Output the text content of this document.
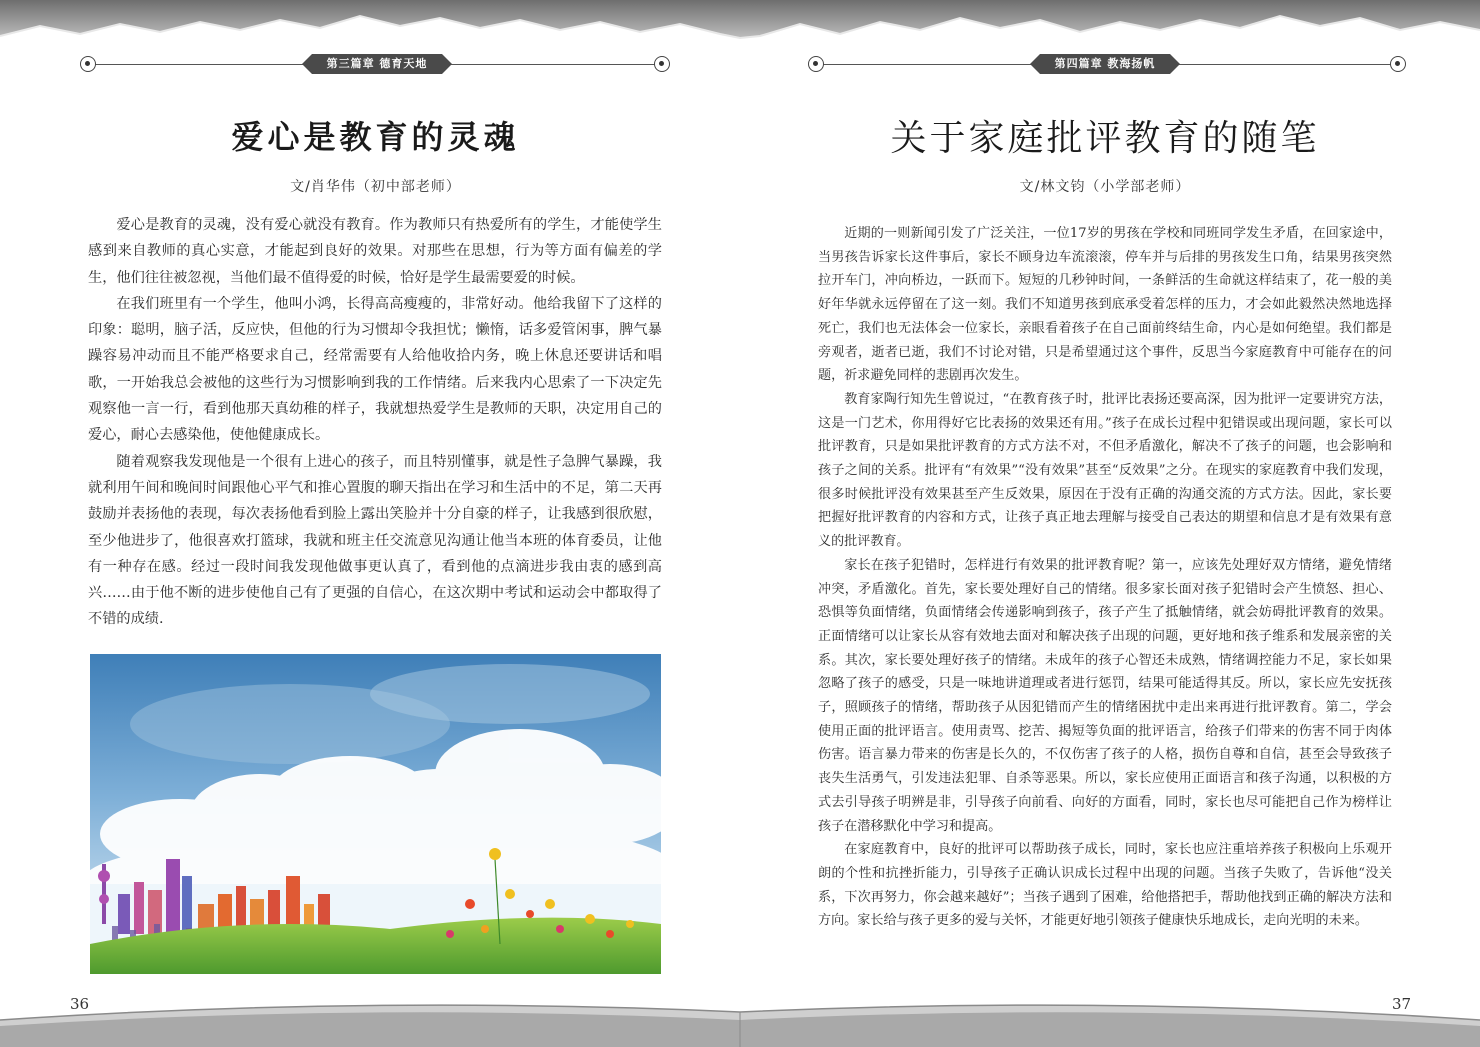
第三篇章 德育天地
爱心是教育的灵魂
文/肖华伟（初中部老师）

爱心是教育的灵魂，没有爱心就没有教育。作为教师只有热爱所有的学生，才能使学生感到来自教师的真心实意，才能起到良好的效果。对那些在思想，行为等方面有偏差的学生，他们往往被忽视，当他们最不值得爱的时候，恰好是学生最需要爱的时候。

在我们班里有一个学生，他叫小鸿，长得高高瘦瘦的，非常好动。他给我留下了这样的印象：聪明，脑子活，反应快，但他的行为习惯却令我担忧；懒惰，话多爱管闲事，脾气暴躁容易冲动而且不能严格要求自己，经常需要有人给他收拾内务，晚上休息还要讲话和唱歌，一开始我总会被他的这些行为习惯影响到我的工作情绪。后来我内心思索了一下决定先观察他一言一行，看到他那天真幼稚的样子，我就想热爱学生是教师的天职，决定用自己的爱心，耐心去感染他，使他健康成长。

随着观察我发现他是一个很有上进心的孩子，而且特别懂事，就是性子急脾气暴躁，我就利用午间和晚间时间跟他心平气和推心置腹的聊天指出在学习和生活中的不足，第二天再鼓励并表扬他的表现，每次表扬他看到脸上露出笑脸并十分自豪的样子，让我感到很欣慰，至少他进步了，他很喜欢打篮球，我就和班主任交流意见沟通让他当本班的体育委员，让他有一种存在感。经过一段时间我发现他做事更认真了，看到他的点滴进步我由衷的感到高兴……由于他不断的进步使他自己有了更强的自信心，在这次期中考试和运动会中都取得了不错的成绩.

36
第四篇章 教海扬帆
关于家庭批评教育的随笔
文/林文钧（小学部老师）

近期的一则新闻引发了广泛关注，一位17岁的男孩在学校和同班同学发生矛盾，在回家途中，当男孩告诉家长这件事后，家长不顾身边车流滚滚，停车并与后排的男孩发生口角，结果男孩突然拉开车门，冲向桥边，一跃而下。短短的几秒钟时间，一条鲜活的生命就这样结束了，花一般的美好年华就永远停留在了这一刻。我们不知道男孩到底承受着怎样的压力，才会如此毅然决然地选择死亡，我们也无法体会一位家长，亲眼看着孩子在自己面前终结生命，内心是如何绝望。我们都是旁观者，逝者已逝，我们不讨论对错，只是希望通过这个事件，反思当今家庭教育中可能存在的问题，祈求避免同样的悲剧再次发生。

教育家陶行知先生曾说过，“在教育孩子时，批评比表扬还要高深，因为批评一定要讲究方法，这是一门艺术，你用得好它比表扬的效果还有用。”孩子在成长过程中犯错误或出现问题，家长可以批评教育，只是如果批评教育的方式方法不对，不但矛盾激化，解决不了孩子的问题，也会影响和孩子之间的关系。批评有“有效果”“没有效果”甚至“反效果”之分。在现实的家庭教育中我们发现，很多时候批评没有效果甚至产生反效果，原因在于没有正确的沟通交流的方式方法。因此，家长要把握好批评教育的内容和方式，让孩子真正地去理解与接受自己表达的期望和信息才是有效果有意义的批评教育。

家长在孩子犯错时，怎样进行有效果的批评教育呢？第一，应该先处理好双方情绪，避免情绪冲突，矛盾激化。首先，家长要处理好自己的情绪。很多家长面对孩子犯错时会产生愤怒、担心、恐惧等负面情绪，负面情绪会传递影响到孩子，孩子产生了抵触情绪，就会妨碍批评教育的效果。正面情绪可以让家长从容有效地去面对和解决孩子出现的问题，更好地和孩子维系和发展亲密的关系。其次，家长要处理好孩子的情绪。未成年的孩子心智还未成熟，情绪调控能力不足，家长如果忽略了孩子的感受，只是一味地讲道理或者进行惩罚，结果可能适得其反。所以，家长应先安抚孩子，照顾孩子的情绪，帮助孩子从因犯错而产生的情绪困扰中走出来再进行批评教育。第二，学会使用正面的批评语言。使用责骂、挖苦、揭短等负面的批评语言，给孩子们带来的伤害不同于肉体伤害。语言暴力带来的伤害是长久的，不仅伤害了孩子的人格，损伤自尊和自信，甚至会导致孩子丧失生活勇气，引发违法犯罪、自杀等恶果。所以，家长应使用正面语言和孩子沟通，以积极的方式去引导孩子明辨是非，引导孩子向前看、向好的方面看，同时，家长也尽可能把自己作为榜样让孩子在潜移默化中学习和提高。

在家庭教育中，良好的批评可以帮助孩子成长，同时，家长也应注重培养孩子积极向上乐观开朗的个性和抗挫折能力，引导孩子正确认识成长过程中出现的问题。当孩子失败了，告诉他“没关系，下次再努力，你会越来越好”；当孩子遇到了困难，给他搭把手，帮助他找到正确的解决方法和方向。家长给与孩子更多的爱与关怀，才能更好地引领孩子健康快乐地成长，走向光明的未来。

37
